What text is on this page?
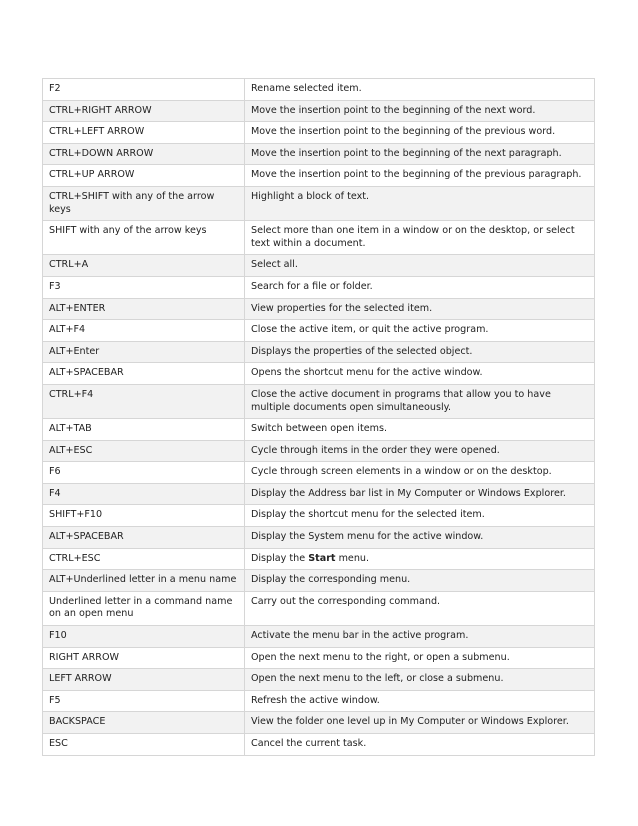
F2	Rename selected item.
CTRL+RIGHT ARROW	Move the insertion point to the beginning of the next word.
CTRL+LEFT ARROW	Move the insertion point to the beginning of the previous word.
CTRL+DOWN ARROW	Move the insertion point to the beginning of the next paragraph.
CTRL+UP ARROW	Move the insertion point to the beginning of the previous paragraph.
CTRL+SHIFT with any of the arrow keys	Highlight a block of text.
SHIFT with any of the arrow keys	Select more than one item in a window or on the desktop, or select text within a document.
CTRL+A	Select all.
F3	Search for a file or folder.
ALT+ENTER	View properties for the selected item.
ALT+F4	Close the active item, or quit the active program.
ALT+Enter	Displays the properties of the selected object.
ALT+SPACEBAR	Opens the shortcut menu for the active window.
CTRL+F4	Close the active document in programs that allow you to have multiple documents open simultaneously.
ALT+TAB	Switch between open items.
ALT+ESC	Cycle through items in the order they were opened.
F6	Cycle through screen elements in a window or on the desktop.
F4	Display the Address bar list in My Computer or Windows Explorer.
SHIFT+F10	Display the shortcut menu for the selected item.
ALT+SPACEBAR	Display the System menu for the active window.
CTRL+ESC	Display the Start menu.
ALT+Underlined letter in a menu name	Display the corresponding menu.
Underlined letter in a command name on an open menu	Carry out the corresponding command.
F10	Activate the menu bar in the active program.
RIGHT ARROW	Open the next menu to the right, or open a submenu.
LEFT ARROW	Open the next menu to the left, or close a submenu.
F5	Refresh the active window.
BACKSPACE	View the folder one level up in My Computer or Windows Explorer.
ESC	Cancel the current task.
